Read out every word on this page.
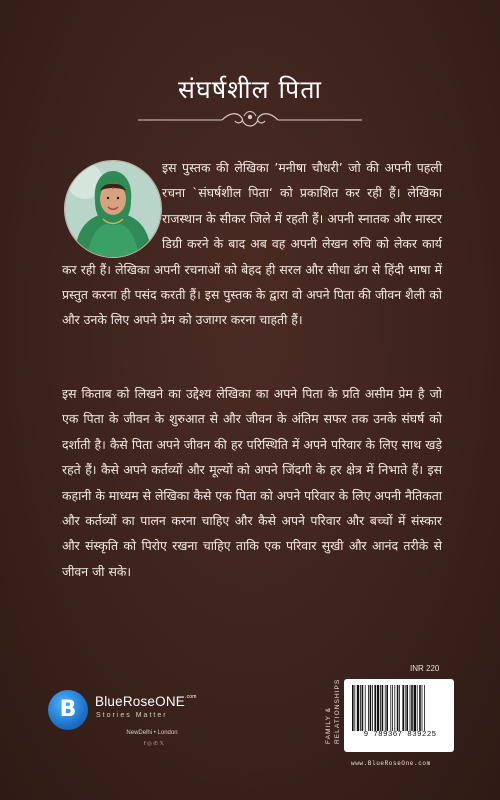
संघर्षशील पिता

इस पुस्तक की लेखिका ’मनीषा चौधरी’ जो की अपनी पहली रचना `संघर्षशील पिता‘ को प्रकाशित कर रही हैं। लेखिका राजस्थान के सीकर जिले में रहती हैं। अपनी स्नातक और मास्टर डिग्री करने के बाद अब वह अपनी लेखन रुचि को लेकर कार्य कर रही हैं। लेखिका अपनी रचनाओं को बेहद ही सरल और सीधा ढंग से हिंदी भाषा में प्रस्तुत करना ही पसंद करती हैं। इस पुस्तक के द्वारा वो अपने पिता की जीवन शैली को और उनके लिए अपने प्रेम को उजागर करना चाहती हैं।

इस किताब को लिखने का उद्देश्य लेखिका का अपने पिता के प्रति असीम प्रेम है जो एक पिता के जीवन के शुरुआत से और जीवन के अंतिम सफर तक उनके संघर्ष को दर्शाती है। कैसे पिता अपने जीवन की हर परिस्थिति में अपने परिवार के लिए साथ खड़े रहते हैं। कैसे अपने कर्तव्यों और मूल्यों को अपने जिंदगी के हर क्षेत्र में निभाते हैं। इस कहानी के माध्यम से लेखिका कैसे एक पिता को अपने परिवार के लिए अपनी नैतिकता और कर्तव्यों का पालन करना चाहिए और कैसे अपने परिवार और बच्चों में संस्कार और संस्कृति को पिरोए रखना चाहिए ताकि एक परिवार सुखी और आनंद तरीके से जीवन जी सके।

B	BlueRoseONE$^{.com}$
Stories Matter
NewDelhi • London
f ◎ ✆ 𝕏	FAMILY & RELATIONSHIPS
INR 220
9 789367 839225
www.BlueRoseOne.com
